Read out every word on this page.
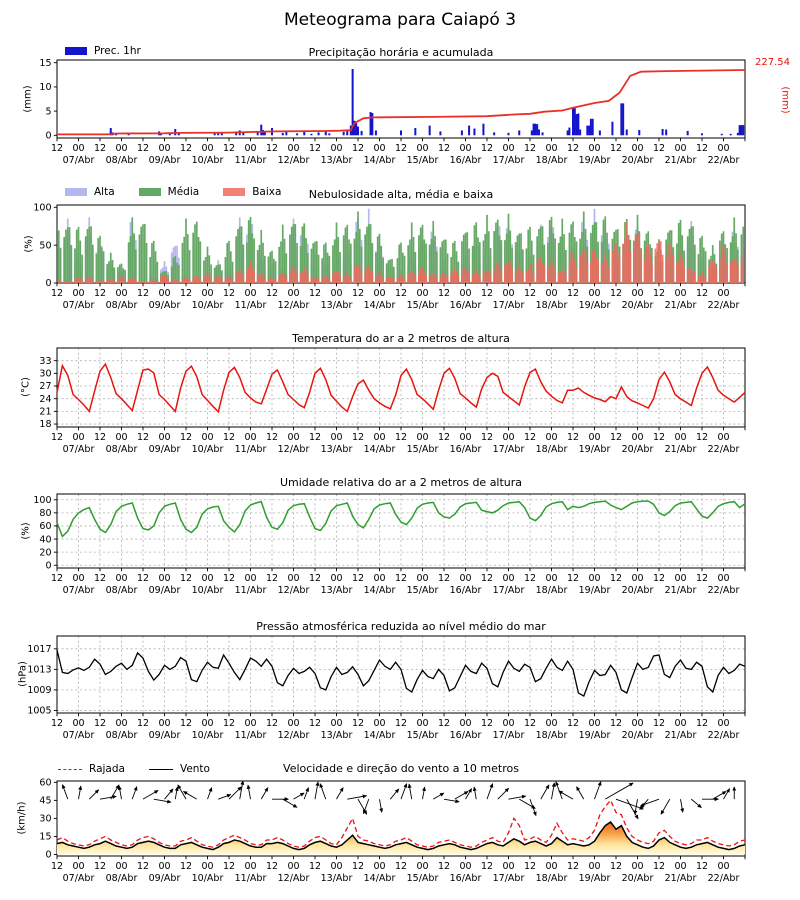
12 00 12 00 12 00 12 00 12 00 12 00 12 00 12 00 12 00 12 00 12 00 12 00 12 00 12 00 12 00 12 00
07/Abr 08/Abr 09/Abr 10/Abr 11/Abr 12/Abr 13/Abr 14/Abr 15/Abr 16/Abr 17/Abr 18/Abr 19/Abr 20/Abr 21/Abr 22/Abr
0
5
10
15
12 00 12 00 12 00 12 00 12 00 12 00 12 00 12 00 12 00 12 00 12 00 12 00 12 00 12 00 12 00 12 00
07/Abr 08/Abr 09/Abr 10/Abr 11/Abr 12/Abr 13/Abr 14/Abr 15/Abr 16/Abr 17/Abr 18/Abr 19/Abr 20/Abr 21/Abr 22/Abr
0
50
100
12 00 12 00 12 00 12 00 12 00 12 00 12 00 12 00 12 00 12 00 12 00 12 00 12 00 12 00 12 00 12 00
07/Abr 08/Abr 09/Abr 10/Abr 11/Abr 12/Abr 13/Abr 14/Abr 15/Abr 16/Abr 17/Abr 18/Abr 19/Abr 20/Abr 21/Abr 22/Abr
18
21
24
27
30
33
12 00 12 00 12 00 12 00 12 00 12 00 12 00 12 00 12 00 12 00 12 00 12 00 12 00 12 00 12 00 12 00
07/Abr 08/Abr 09/Abr 10/Abr 11/Abr 12/Abr 13/Abr 14/Abr 15/Abr 16/Abr 17/Abr 18/Abr 19/Abr 20/Abr 21/Abr 22/Abr
0
20
40
60
80
100
12 00 12 00 12 00 12 00 12 00 12 00 12 00 12 00 12 00 12 00 12 00 12 00 12 00 12 00 12 00 12 00
07/Abr 08/Abr 09/Abr 10/Abr 11/Abr 12/Abr 13/Abr 14/Abr 15/Abr 16/Abr 17/Abr 18/Abr 19/Abr 20/Abr 21/Abr 22/Abr
1005
1009
1013
1017
12 00 12 00 12 00 12 00 12 00 12 00 12 00 12 00 12 00 12 00 12 00 12 00 12 00 12 00 12 00 12 00
07/Abr 08/Abr 09/Abr 10/Abr 11/Abr 12/Abr 13/Abr 14/Abr 15/Abr 16/Abr 17/Abr 18/Abr 19/Abr 20/Abr 21/Abr 22/Abr
0
15
30
45
60
Meteograma para Caiapó 3
Precipitação horária e acumulada
Nebulosidade alta, média e baixa
Temperatura do ar a 2 metros de altura
Umidade relativa do ar a 2 metros de altura
Pressão atmosférica reduzida ao nível médio do mar
Velocidade e direção do vento a 10 metros
Prec. 1hr
Alta	Média	Baixa
Rajada	Vento
(mm)
(%)
(°C)
(%)
(hPa)
(km/h)
227.54
(mm)
